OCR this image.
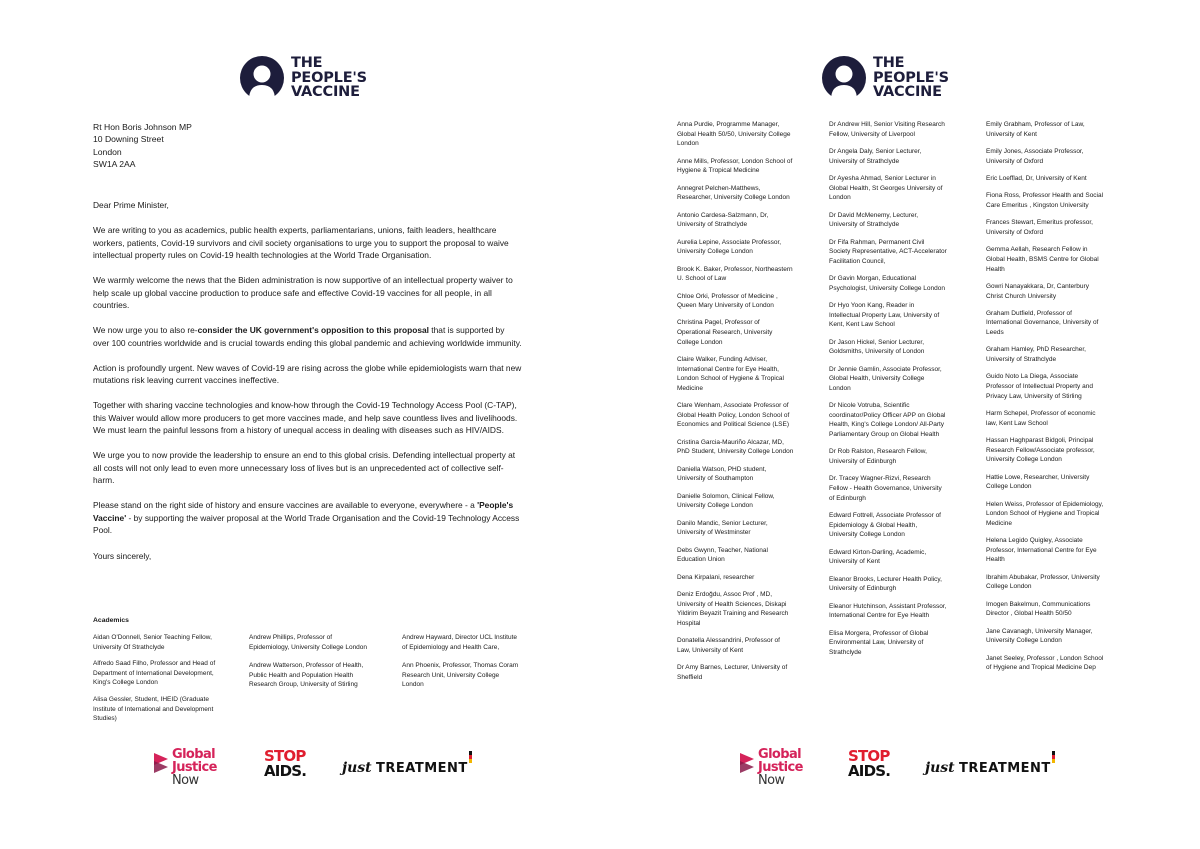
THE
PEOPLE'S
VACCINE
Rt Hon Boris Johnson MP
10 Downing Street
London
SW1A 2AA

Dear Prime Minister,

We are writing to you as academics, public health experts, parliamentarians, unions, faith leaders, healthcare workers, patients, Covid-19 survivors and civil society organisations to urge you to support the proposal to waive intellectual property rules on Covid-19 health technologies at the World Trade Organisation.

We warmly welcome the news that the Biden administration is now supportive of an intellectual property waiver to help scale up global vaccine production to produce safe and effective Covid-19 vaccines for all people, in all countries.

We now urge you to also re-consider the UK government's opposition to this proposal that is supported by over 100 countries worldwide and is crucial towards ending this global pandemic and achieving worldwide immunity.

Action is profoundly urgent. New waves of Covid-19 are rising across the globe while epidemiologists warn that new mutations risk leaving current vaccines ineffective.

Together with sharing vaccine technologies and know-how through the Covid-19 Technology Access Pool (C-TAP), this Waiver would allow more producers to get more vaccines made, and help save countless lives and livelihoods. We must learn the painful lessons from a history of unequal access in dealing with diseases such as HIV/AIDS.

We urge you to now provide the leadership to ensure an end to this global crisis. Defending intellectual property at all costs will not only lead to even more unnecessary loss of lives but is an unprecedented act of collective self-harm.

Please stand on the right side of history and ensure vaccines are available to everyone, everywhere - a 'People's Vaccine' - by supporting the waiver proposal at the World Trade Organisation and the Covid-19 Technology Access Pool.

Yours sincerely,

Academics
Aidan O'Donnell, Senior Teaching Fellow, University Of Strathclyde
Alfredo Saad Filho, Professor and Head of Department of International Development, King's College London
Alisa Gessler, Student, IHEID (Graduate Institute of International and Development Studies)
Andrew Phillips, Professor of Epidemiology, University College London
Andrew Watterson, Professor of Health, Public Health and Population Health Research Group, University of Stirling
Andrew Hayward, Director UCL Institute of Epidemiology and Health Care,
Ann Phoenix, Professor, Thomas Coram Research Unit, University College London
Global
Justice
Now
STOP
AIDS.	just TREATMENT
THE
PEOPLE'S
VACCINE
Anna Purdie, Programme Manager, Global Health 50/50, University College London
Anne Mills, Professor, London School of Hygiene & Tropical Medicine
Annegret Pelchen-Matthews, Researcher, University College London
Antonio Cardesa-Salzmann, Dr, University of Strathclyde
Aurelia Lepine, Associate Professor, University College London
Brook K. Baker, Professor, Northeastern U. School of Law
Chloe Orki, Professor of Medicine , Queen Mary University of London
Christina Pagel, Professor of Operational Research, University College London
Claire Walker, Funding Adviser, International Centre for Eye Health, London School of Hygiene & Tropical Medicine
Clare Wenham, Associate Professor of Global Health Policy, London School of Economics and Political Science (LSE)
Cristina Garcia-Mauriño Alcazar, MD, PhD Student, University College London
Daniella Watson, PHD student, University of Southampton
Danielle Solomon, Clinical Fellow, University College London
Danilo Mandic, Senior Lecturer, University of Westminster
Debs Gwynn, Teacher, National Education Union
Dena Kirpalani, researcher
Deniz Erdoğdu, Assoc Prof , MD, University of Health Sciences, Diskapi Yildirim Beyazit Training and Research Hospital
Donatella Alessandrini, Professor of Law, University of Kent
Dr Amy Barnes, Lecturer, University of Sheffield
Dr Andrew Hill, Senior Visiting Research Fellow, University of Liverpool
Dr Angela Daly, Senior Lecturer, University of Strathclyde
Dr Ayesha Ahmad, Senior Lecturer in Global Health, St Georges University of London
Dr David McMenemy, Lecturer, University of Strathclyde
Dr Fifa Rahman, Permanent Civil Society Representative, ACT-Accelerator Facilitation Council,
Dr Gavin Morgan, Educational Psychologist, University College London
Dr Hyo Yoon Kang, Reader in Intellectual Property Law, University of Kent, Kent Law School
Dr Jason Hickel, Senior Lecturer, Goldsmiths, University of London
Dr Jennie Gamlin, Associate Professor, Global Health, University College London
Dr Nicole Votruba, Scientific coordinator/Policy Officer APP on Global Health, King's College London/ All-Party Parliamentary Group on Global Health
Dr Rob Ralston, Research Fellow, University of Edinburgh
Dr. Tracey Wagner-Rizvi, Research Fellow - Health Governance, University of Edinburgh
Edward Fottrell, Associate Professor of Epidemiology & Global Health, University College London
Edward Kirton-Darling, Academic, University of Kent
Eleanor Brooks, Lecturer Health Policy, University of Edinburgh
Eleanor Hutchinson, Assistant Professor, International Centre for Eye Health
Elisa Morgera, Professor of Global Environmental Law, University of Strathclyde
Emily Grabham, Professor of Law, University of Kent
Emily Jones, Associate Professor, University of Oxford
Eric Loefflad, Dr, University of Kent
Fiona Ross, Professor Health and Social Care Emeritus , Kingston University
Frances Stewart, Emeritus professor, University of Oxford
Gemma Aellah, Research Fellow in Global Health, BSMS Centre for Global Health
Gowri Nanayakkara, Dr, Canterbury Christ Church University
Graham Dutfield, Professor of International Governance, University of Leeds
Graham Hamley, PhD Researcher, University of Strathclyde
Guido Noto La Diega, Associate Professor of Intellectual Property and Privacy Law, University of Stirling
Harm Schepel, Professor of economic law, Kent Law School
Hassan Haghparast Bidgoli, Principal Research Fellow/Associate professor, University College London
Hattie Lowe, Researcher, University College London
Helen Weiss, Professor of Epidemiology, London School of Hygiene and Tropical Medicine
Helena Legido Quigley, Associate Professor, International Centre for Eye Health
Ibrahim Abubakar, Professor, University College London
Imogen Bakelmun, Communications Director , Global Health 50/50
Jane Cavanagh, University Manager, University College London
Janet Seeley, Professor , London School of Hygiene and Tropical Medicine Dep
Global
Justice
Now
STOP
AIDS. just TREATMENT
